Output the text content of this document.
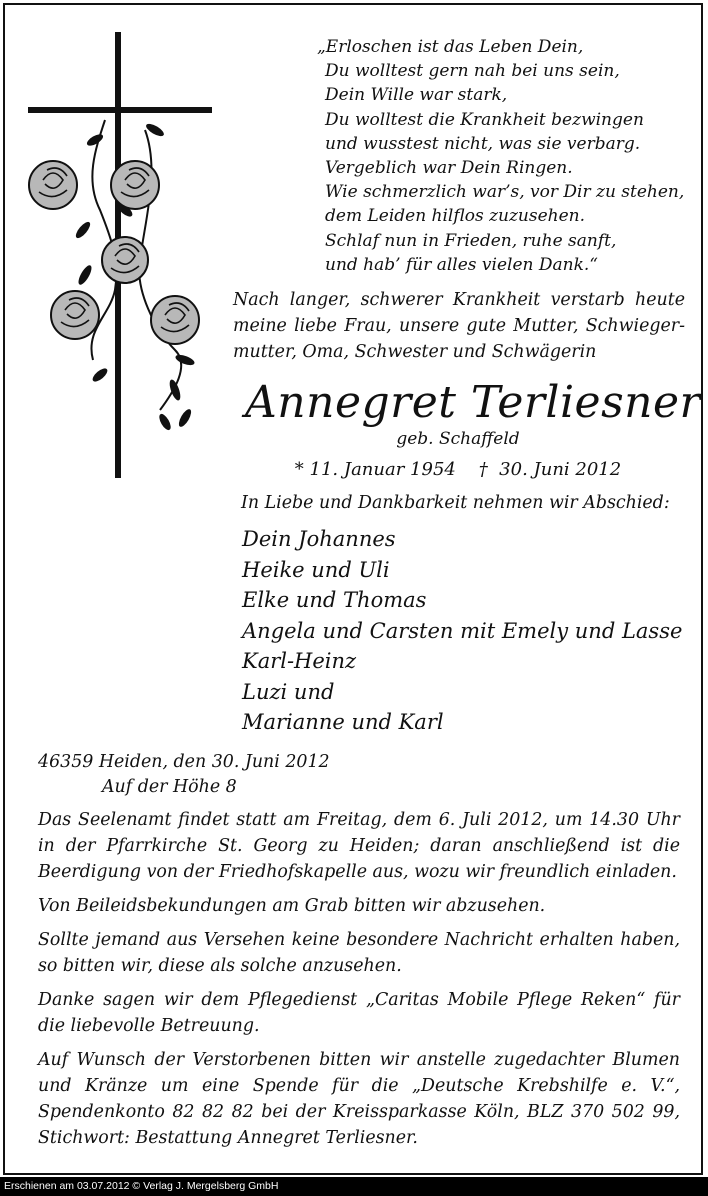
„Erloschen ist das Leben Dein,
Du wolltest gern nah bei uns sein,
Dein Wille war stark,
Du wolltest die Krankheit bezwingen
und wusstest nicht, was sie verbarg.
Vergeblich war Dein Ringen.
Wie schmerzlich war’s, vor Dir zu stehen,
dem Leiden hilflos zuzusehen.
Schlaf nun in Frieden, ruhe sanft,
und hab’ für alles vielen Dank.“
Nach langer, schwerer Krankheit verstarb heute meine liebe Frau, unsere gute Mutter, Schwiegermutter, Oma, Schwester und Schwägerin
Annegret Terliesner
geb. Schaffeld
* 11. Januar 1954    †  30. Juni 2012
In Liebe und Dankbarkeit nehmen wir Abschied:
Dein Johannes
Heike und Uli
Elke und Thomas
Angela und Carsten mit Emely und Lasse
Karl-Heinz
Luzi und
Marianne und Karl
46359 Heiden, den 30. Juni 2012
Auf der Höhe 8

Das Seelenamt findet statt am Freitag, dem 6. Juli 2012, um 14.30 Uhr in der Pfarrkirche St. Georg zu Heiden; daran anschließend ist die Beerdigung von der Friedhofskapelle aus, wozu wir freundlich einladen.

Von Beileidsbekundungen am Grab bitten wir abzusehen.

Sollte jemand aus Versehen keine besondere Nachricht erhalten haben, so bitten wir, diese als solche anzusehen.

Danke sagen wir dem Pflegedienst „Caritas Mobile Pflege Reken“ für die liebevolle Betreuung.

Auf Wunsch der Verstorbenen bitten wir anstelle zugedachter Blumen und Kränze um eine Spende für die „Deutsche Krebshilfe e. V.“, Spendenkonto 82 82 82 bei der Kreissparkasse Köln, BLZ 370 502 99, Stichwort: Bestattung Annegret Terliesner.

Erschienen am 03.07.2012 © Verlag J. Mergelsberg GmbH
